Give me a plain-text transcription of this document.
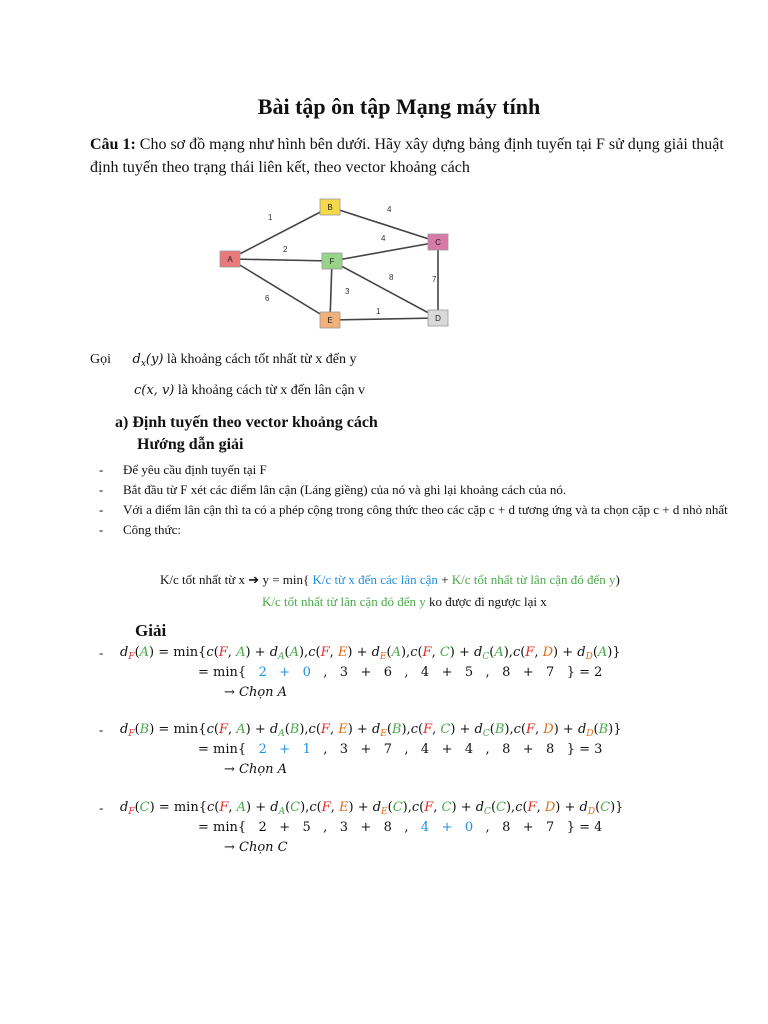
Bài tập ôn tập Mạng máy tính
Câu 1: Cho sơ đồ mạng như hình bên dưới. Hãy xây dựng bảng định tuyến tại F sử dụng giải thuật định tuyến theo trạng thái liên kết, theo vector khoảng cách
1
4
2
4
8	7
3
6
1
A
B
C
F
E	D
Gọi $d_x(y)$ là khoảng cách tốt nhất từ x đến y
c(x, v) là khoảng cách từ x đến lân cận v
a) Định tuyến theo vector khoảng cách
Hướng dẫn giải
-	Để yêu cầu định tuyến tại F
-	Bắt đầu từ F xét các điểm lân cận (Láng giềng) của nó và ghi lại khoảng cách của nó.
-	Với a điểm lân cận thì ta có a phép cộng trong công thức theo các cặp c + d tương ứng và ta chọn cặp c + d nhỏ nhất
-	Công thức:
K/c tốt nhất từ x ➔ y = min{ K/c từ x đến các lân cận + K/c tốt nhất từ lân cận đó đến y)
K/c tốt nhất từ lân cận đó đến y ko được đi ngược lại x
Giải
$d_F(A) = \min\{c(F$, $A) + d_A(A),c(F$, $E) + d_E(A),c(F$, $C) + d_C(A),c(F$, $D) + d_D(A)$}
-
= min{   2 + 0   ,   3   +   6   ,   4   +   5   ,   8   +   7   } = 2
→ Chọn A
$d_F(B) = \min\{c(F$, $A) + d_A(B),c(F$, $E) + d_E(B),c(F$, $C) + d_C(B),c(F$, $D) + d_D(B)$}
-
= min{   2 + 1   ,   3   +   7   ,   4   +   4   ,   8   +   8   } = 3
→ Chọn A
$d_F(C) = \min\{c(F$, $A) + d_A(C),c(F$, $E) + d_E(C),c(F$, $C) + d_C(C),c(F$, $D) + d_D(C)$}
-
= min{   2   +   5   ,   3   +   8   ,   4 + 0   ,   8   +   7   } = 4
→ Chọn C
